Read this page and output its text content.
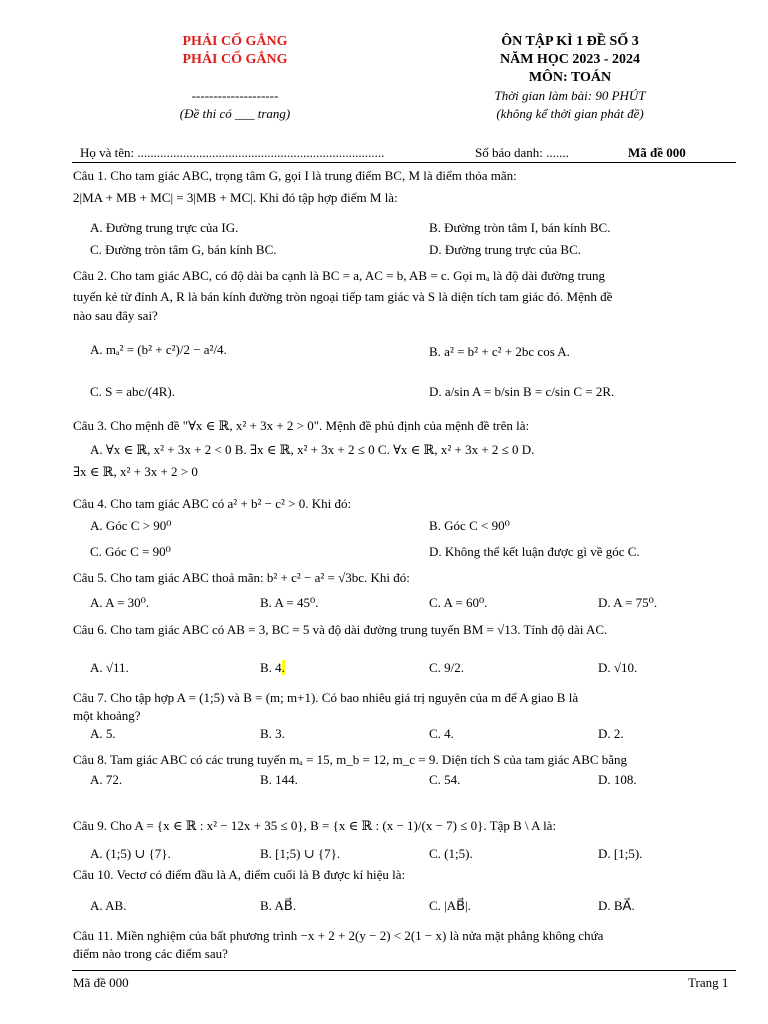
PHẢI CỐ GẮNG
PHẢI CỐ GẮNG
--------------------
(Đề thi có ___ trang)
ÔN TẬP KÌ 1 ĐỀ SỐ 3
NĂM HỌC 2023 - 2024
MÔN: TOÁN
Thời gian làm bài: 90 PHÚT
(không kể thời gian phát đề)
Họ và tên: ............................................................................	Số báo danh: .......	Mã đề 000
Câu 1. Cho tam giác ABC, trọng tâm G, gọi I là trung điểm BC, M là điểm thỏa mãn:
2|MA + MB + MC| = 3|MB + MC|. Khi đó tập hợp điểm M là:
A. Đường trung trực của IG.	B. Đường tròn tâm I, bán kính BC.
C. Đường tròn tâm G, bán kính BC.	D. Đường trung trực của BC.
Câu 2. Cho tam giác ABC, có độ dài ba cạnh là BC = a, AC = b, AB = c. Gọi mₐ là độ dài đường trung
tuyến kẻ từ đỉnh A, R là bán kính đường tròn ngoại tiếp tam giác và S là diện tích tam giác đó. Mệnh đề
nào sau đây sai?
A. mₐ² = (b² + c²)/2 − a²/4.	B. a² = b² + c² + 2bc cos A.
C. S = abc/(4R).	D. a/sin A = b/sin B = c/sin C = 2R.
Câu 3. Cho mệnh đề "∀x ∈ ℝ, x² + 3x + 2 > 0". Mệnh đề phủ định của mệnh đề trên là:
A. ∀x ∈ ℝ, x² + 3x + 2 < 0 B. ∃x ∈ ℝ, x² + 3x + 2 ≤ 0 C. ∀x ∈ ℝ, x² + 3x + 2 ≤ 0 D.
∃x ∈ ℝ, x² + 3x + 2 > 0
Câu 4. Cho tam giác ABC có a² + b² − c² > 0. Khi đó:
A. Góc C > 90⁰	B. Góc C < 90⁰
C. Góc C = 90⁰	D. Không thể kết luận được gì về góc C.
Câu 5. Cho tam giác ABC thoả mãn: b² + c² − a² = √3bc. Khi đó:
A. A = 30⁰.	B. A = 45⁰.	C. A = 60⁰.	D. A = 75⁰.
Câu 6. Cho tam giác ABC có AB = 3, BC = 5 và độ dài đường trung tuyến BM = √13. Tính độ dài AC.
A. √11.	B. 4.	C. 9/2.	D. √10.
Câu 7. Cho tập hợp A = (1;5) và B = (m; m+1). Có bao nhiêu giá trị nguyên của m để A giao B là
một khoảng?
A. 5.	B. 3.	C. 4.	D. 2.
Câu 8. Tam giác ABC có các trung tuyến mₐ = 15, m_b = 12, m_c = 9. Diện tích S của tam giác ABC bằng
A. 72.	B. 144.	C. 54.	D. 108.
Câu 9. Cho A = {x ∈ ℝ : x² − 12x + 35 ≤ 0}, B = {x ∈ ℝ : (x − 1)/(x − 7) ≤ 0}. Tập B \ A là:
A. (1;5) ∪ {7}.	B. [1;5) ∪ {7}.	C. (1;5).	D. [1;5).
Câu 10. Vectơ có điểm đầu là A, điểm cuối là B được kí hiệu là:
A. AB.	B. AB⃗.	C. |AB⃗|.	D. BA⃗.
Câu 11. Miền nghiệm của bất phương trình −x + 2 + 2(y − 2) < 2(1 − x) là nửa mặt phẳng không chứa
điểm nào trong các điểm sau?
Mã đề 000	Trang 1
